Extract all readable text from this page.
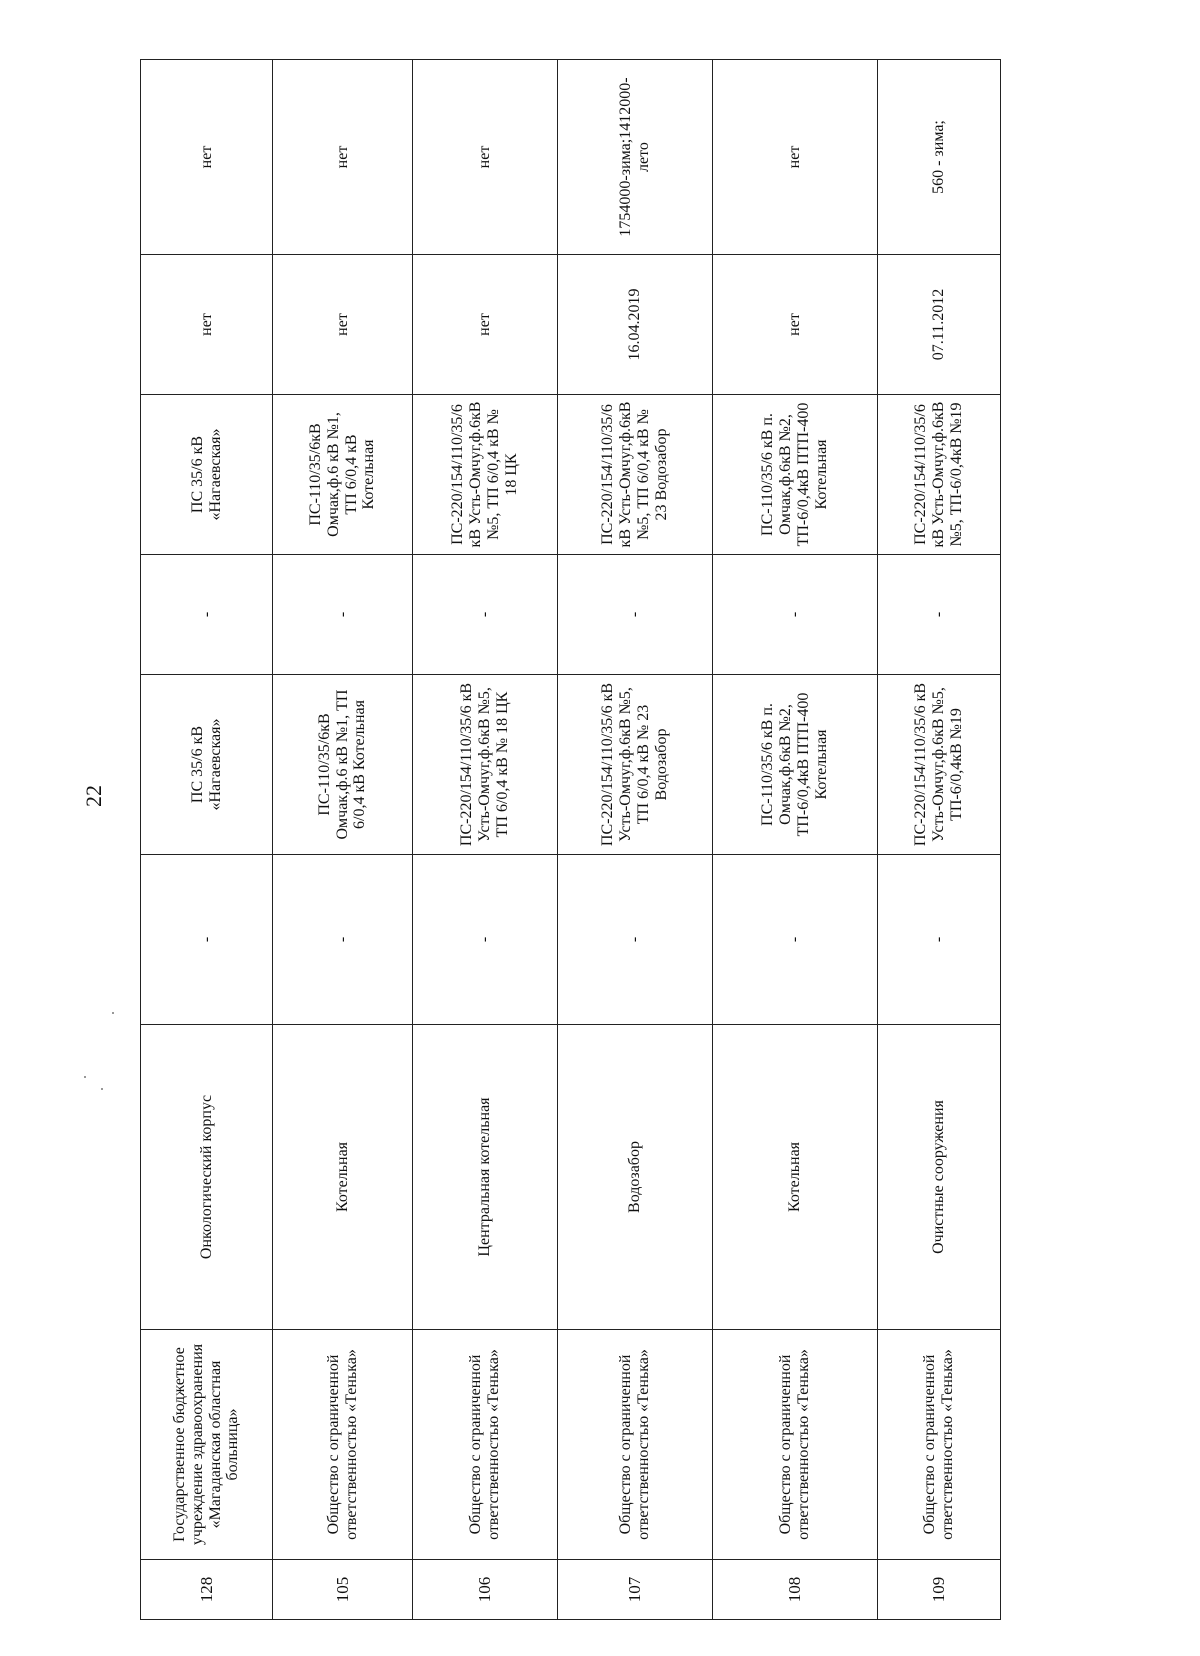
22
128	Государственное бюджетное учреждение здравоохранения «Магаданская областная больница»	Онкологический корпус	-	ПС 35/6 кВ «Нагаевская»	-	ПС 35/6 кВ «Нагаевская»	нет	нет
105	Общество с ограниченной ответственностью «Тенька»	Котельная	-	ПС-110/35/6кВ Омчак,ф.6 кВ №1, ТП 6/0,4 кВ Котельная	-	ПС-110/35/6кВ Омчак,ф.6 кВ №1, ТП 6/0,4 кВ Котельная	нет	нет
106	Общество с ограниченной ответственностью «Тенька»	Центральная котельная	-	ПС-220/154/110/35/6 кВ Усть-Омчуг,ф.6кВ №5, ТП 6/0,4 кВ № 18 ЦК	-	ПС-220/154/110/35/6 кВ Усть-Омчуг,ф.6кВ №5, ТП 6/0,4 кВ № 18 ЦК	нет	нет
107	Общество с ограниченной ответственностью «Тенька»	Водозабор	-	ПС-220/154/110/35/6 кВ Усть-Омчуг,ф.6кВ №5, ТП 6/0,4 кВ № 23 Водозабор	-	ПС-220/154/110/35/6 кВ Усть-Омчуг,ф.6кВ №5, ТП 6/0,4 кВ № 23 Водозабор	16.04.2019	1754000-зима;1412000-лето
108	Общество с ограниченной ответственностью «Тенька»	Котельная	-	ПС-110/35/6 кВ п. Омчак,ф.6кВ №2, ТП-6/0,4кВ ПТП-400 Котельная	-	ПС-110/35/6 кВ п. Омчак,ф.6кВ №2, ТП-6/0,4кВ ПТП-400 Котельная	нет	нет
109	Общество с ограниченной ответственностью «Тенька»	Очистные сооружения	-	ПС-220/154/110/35/6 кВ Усть-Омчуг,ф.6кВ №5, ТП-6/0,4кВ №19	-	ПС-220/154/110/35/6 кВ Усть-Омчуг,ф.6кВ №5, ТП-6/0,4кВ №19	07.11.2012	560 - зима;
